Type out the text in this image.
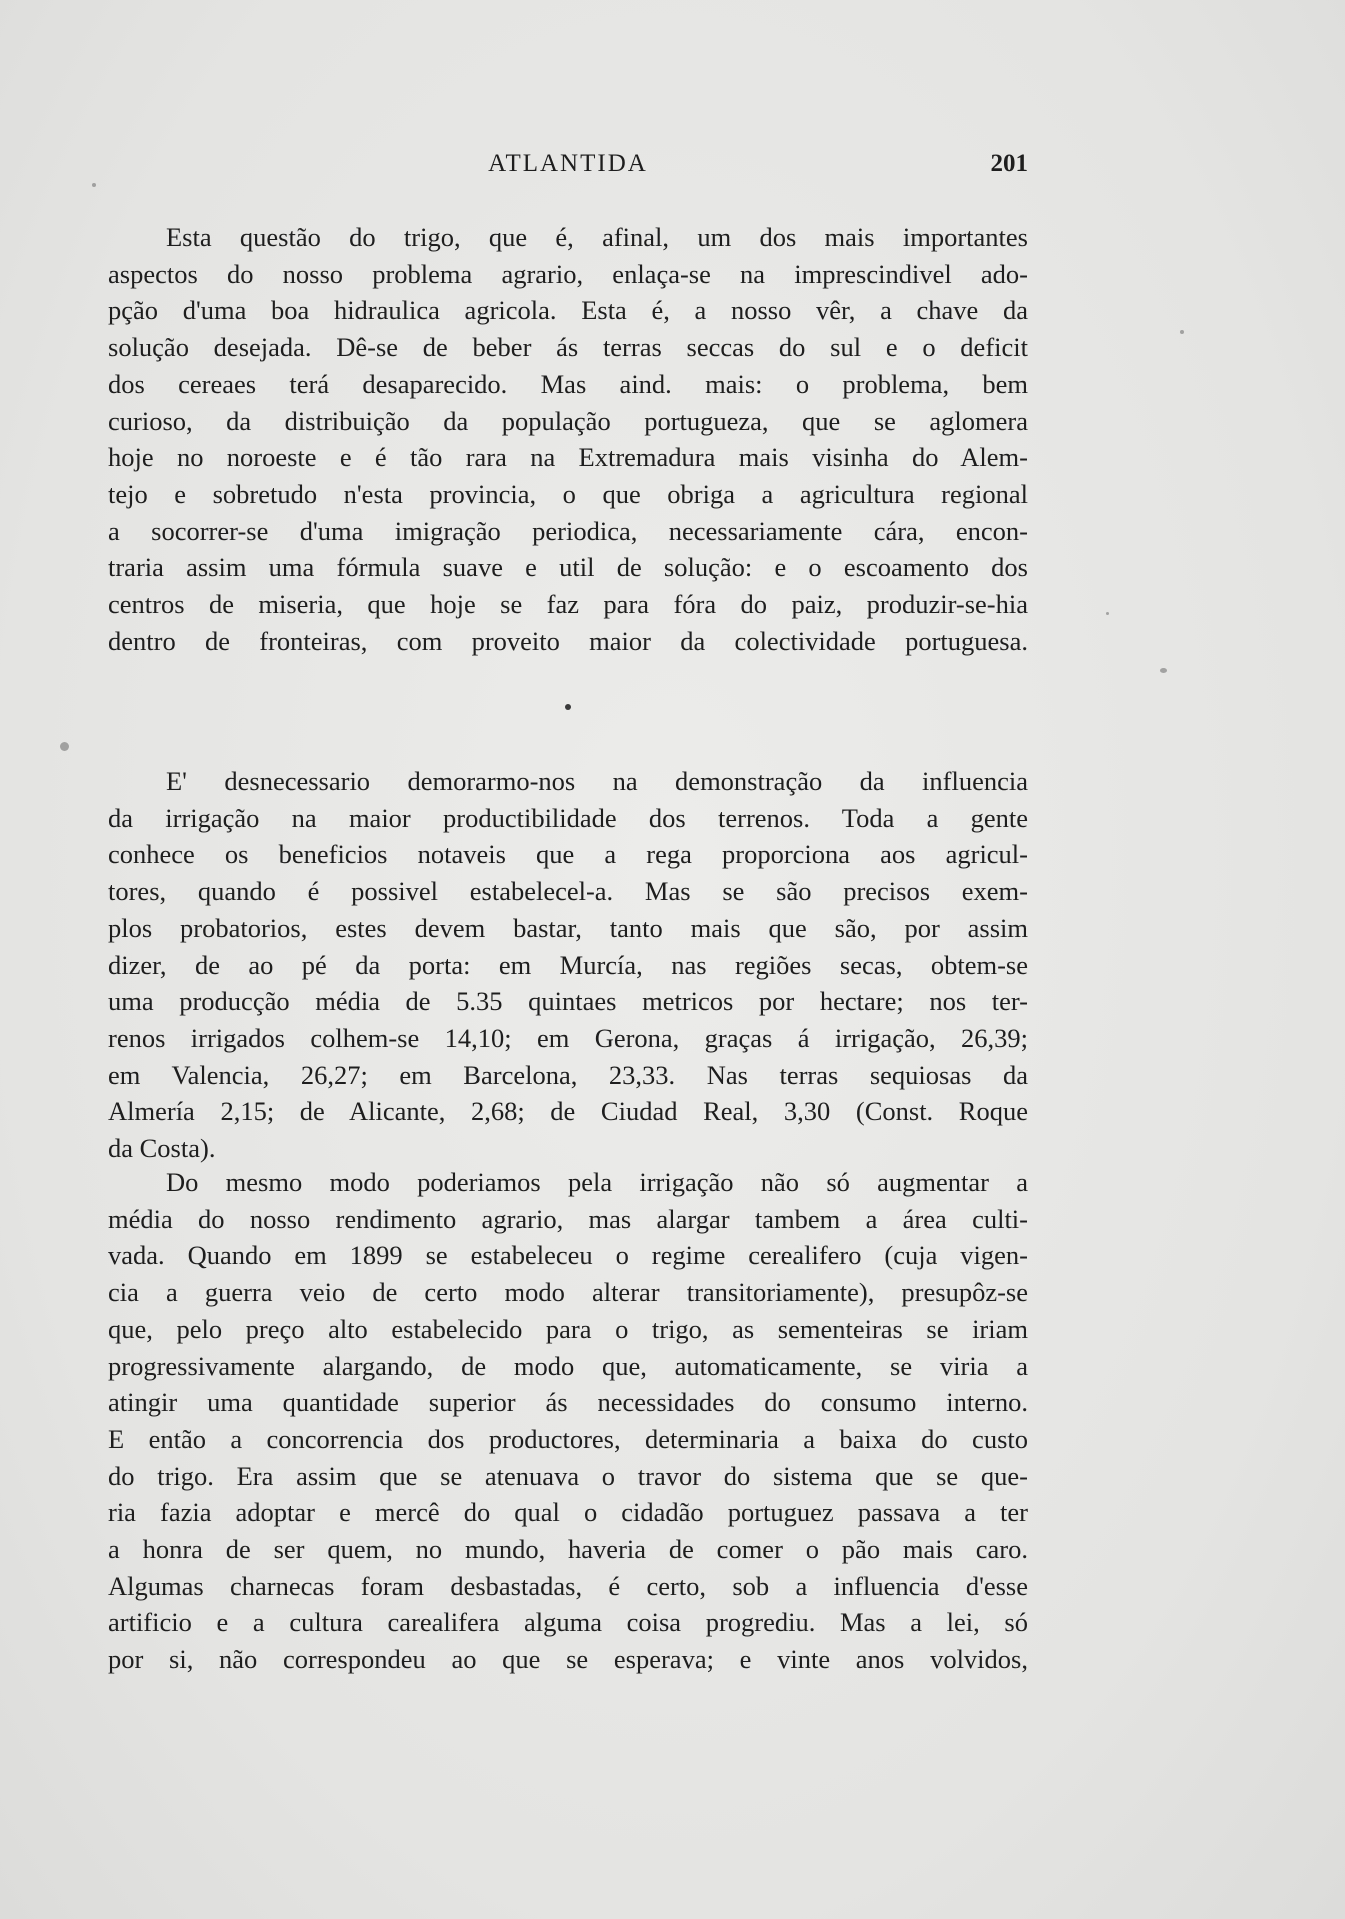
ATLANTIDA	201
Esta questão do trigo, que é, afinal, um dos mais importantes
aspectos do nosso problema agrario, enlaça-se na imprescindivel ado-
pção d'uma boa hidraulica agricola. Esta é, a nosso vêr, a chave da
solução desejada. Dê-se de beber ás terras seccas do sul e o deficit
dos cereaes terá desaparecido. Mas aind. mais: o problema, bem
curioso, da distribuição da população portugueza, que se aglomera
hoje no noroeste e é tão rara na Extremadura mais visinha do Alem-
tejo e sobretudo n'esta provincia, o que obriga a agricultura regional
a socorrer-se d'uma imigração periodica, necessariamente cára, encon-
traria assim uma fórmula suave e util de solução: e o escoamento dos
centros de miseria, que hoje se faz para fóra do paiz, produzir-se-hia
dentro de fronteiras, com proveito maior da colectividade portuguesa.
E' desnecessario demorarmo-nos na demonstração da influencia
da irrigação na maior productibilidade dos terrenos. Toda a gente
conhece os beneficios notaveis que a rega proporciona aos agricul-
tores, quando é possivel estabelecel-a. Mas se são precisos exem-
plos probatorios, estes devem bastar, tanto mais que são, por assim
dizer, de ao pé da porta: em Murcía, nas regiões secas, obtem-se
uma producção média de 5.35 quintaes metricos por hectare; nos ter-
renos irrigados colhem-se 14,10; em Gerona, graças á irrigação, 26,39;
em Valencia, 26,27; em Barcelona, 23,33. Nas terras sequiosas da
Almería 2,15; de Alicante, 2,68; de Ciudad Real, 3,30 (Const. Roque
da Costa).
Do mesmo modo poderiamos pela irrigação não só augmentar a
média do nosso rendimento agrario, mas alargar tambem a área culti-
vada. Quando em 1899 se estabeleceu o regime cerealifero (cuja vigen-
cia a guerra veio de certo modo alterar transitoriamente), presupôz-se
que, pelo preço alto estabelecido para o trigo, as sementeiras se iriam
progressivamente alargando, de modo que, automaticamente, se viria a
atingir uma quantidade superior ás necessidades do consumo interno.
E então a concorrencia dos productores, determinaria a baixa do custo
do trigo. Era assim que se atenuava o travor do sistema que se que-
ria fazia adoptar e mercê do qual o cidadão portuguez passava a ter
a honra de ser quem, no mundo, haveria de comer o pão mais caro.
Algumas charnecas foram desbastadas, é certo, sob a influencia d'esse
artificio e a cultura carealifera alguma coisa progrediu. Mas a lei, só
por si, não correspondeu ao que se esperava; e vinte anos volvidos,
